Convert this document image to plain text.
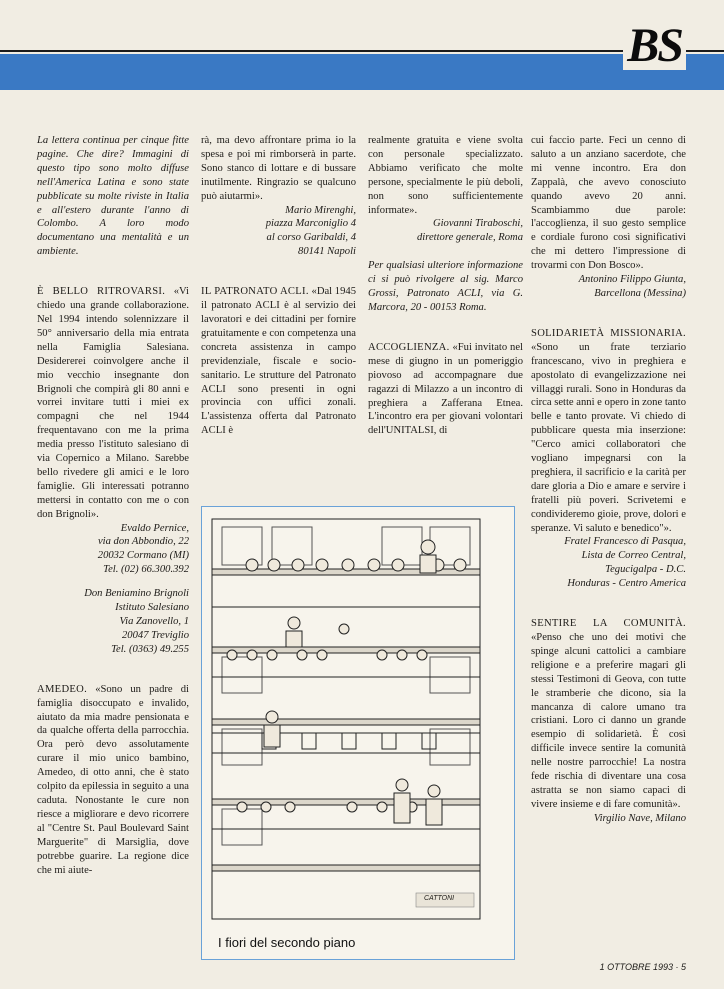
BS

La lettera continua per cinque fitte pagine. Che dire? Immagini di questo tipo sono molto diffuse nell'America Latina e sono state pubblicate su molte riviste in Italia e all'estero durante l'anno di Colombo. A loro modo documentano una mentalità e un ambiente.

È BELLO RITROVARSI. «Vi chiedo una grande collaborazione. Nel 1994 intendo solennizzare il 50° anniversario della mia entrata nella Famiglia Salesiana. Desidererei coinvolgere anche il mio vecchio insegnante don Brignoli che compirà gli 80 anni e vorrei invitare tutti i miei ex compagni che nel 1944 frequentavano con me la prima media presso l'istituto salesiano di via Copernico a Milano. Sarebbe bello rivedere gli amici e le loro famiglie. Gli interessati potranno mettersi in contatto con me o con don Brignoli».

Evaldo Pernice,

via don Abbondio, 22

20032 Cormano (MI)

Tel. (02) 66.300.392

Don Beniamino Brignoli

Istituto Salesiano

Via Zanovello, 1

20047 Treviglio

Tel. (0363) 49.255

AMEDEO. «Sono un padre di famiglia disoccupato e invalido, aiutato da mia madre pensionata e da qualche offerta della parrocchia. Ora però devo assolutamente curare il mio unico bambino, Amedeo, di otto anni, che è stato colpito da epilessia in seguito a una caduta. Nonostante le cure non riesce a migliorare e devo ricorrere al "Centre St. Paul Boulevard Saint Marguerite" di Marsiglia, dove potrebbe guarire. La regione dice che mi aiute-

rà, ma devo affrontare prima io la spesa e poi mi rimborserà in parte. Sono stanco di lottare e di bussare inutilmente. Ringrazio se qualcuno può aiutarmi».

Mario Mirenghi,

piazza Marconiglio 4

al corso Garibaldi, 4

80141 Napoli

IL PATRONATO ACLI. «Dal 1945 il patronato ACLI è al servizio dei lavoratori e dei cittadini per fornire gratuitamente e con competenza una concreta assistenza in campo previdenziale, fiscale e socio-sanitario. Le strutture del Patronato ACLI sono presenti in ogni provincia con uffici zonali. L'assistenza offerta dal Patronato ACLI è

realmente gratuita e viene svolta con personale specializzato. Abbiamo verificato che molte persone, specialmente le più deboli, non sono sufficientemente informate».

Giovanni Tiraboschi,

direttore generale, Roma

Per qualsiasi ulteriore informazione ci si può rivolgere al sig. Marco Grossi, Patronato ACLI, via G. Marcora, 20 - 00153 Roma.

ACCOGLIENZA. «Fui invitato nel mese di giugno in un pomeriggio piovoso ad accompagnare due ragazzi di Milazzo a un incontro di preghiera a Zafferana Etnea. L'incontro era per giovani volontari dell'UNITALSI, di

cui faccio parte. Feci un cenno di saluto a un anziano sacerdote, che mi venne incontro. Era don Zappalà, che avevo conosciuto quando avevo 20 anni. Scambiammo due parole: l'accoglienza, il suo gesto semplice e cordiale furono così significativi che mi dettero l'impressione di trovarmi con Don Bosco».

Antonino Filippo Giunta,

Barcellona (Messina)

SOLIDARIETÀ MISSIONARIA. «Sono un frate terziario francescano, vivo in preghiera e apostolato di evangelizzazione nei villaggi rurali. Sono in Honduras da circa sette anni e opero in zone tanto belle e tanto provate. Vi chiedo di pubblicare questa mia inserzione: "Cerco amici collaboratori che vogliano impegnarsi con la preghiera, il sacrificio e la carità per dare gloria a Dio e amare e servire i fratelli più poveri. Scrivetemi e condivideremo gioie, prove, dolori e speranze. Vi saluto e benedico"».

Fratel Francesco di Pasqua,

Lista de Correo Central,

Tegucigalpa - D.C.

Honduras - Centro America

SENTIRE LA COMUNITÀ. «Penso che uno dei motivi che spinge alcuni cattolici a cambiare religione e a preferire magari gli stessi Testimoni di Geova, con tutte le stramberie che dicono, sia la mancanza di calore umano tra cristiani. Loro ci danno un grande esempio di solidarietà. È così difficile invece sentire la comunità nelle nostre parrocchie! La nostra fede rischia di diventare una cosa astratta se non siamo capaci di vivere insieme e di fare comunità».

Virgilio Nave, Milano

CATTONI
I fiori del secondo piano
1 OTTOBRE 1993 · 5
